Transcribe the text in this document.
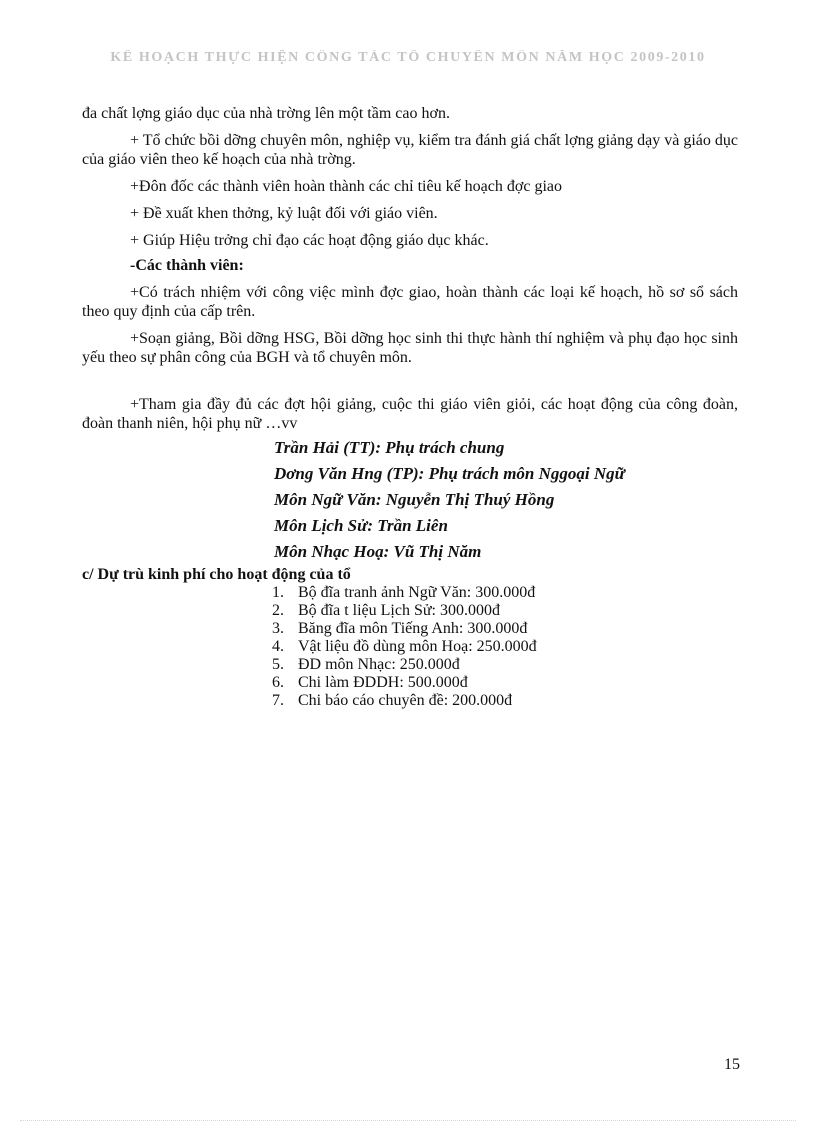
KẾ HOẠCH THỰC HIỆN CÔNG TÁC TỔ CHUYÊN MÔN NĂM HỌC 2009-2010

đa chất lợng giáo dục của nhà trờng lên một tầm cao hơn.

+ Tổ chức bồi dỡng chuyên môn, nghiệp vụ, kiểm tra đánh giá chất lợng giảng dạy và giáo dục của giáo viên theo kế hoạch của nhà trờng.

+Đôn đốc các thành viên hoàn thành các chỉ tiêu kế hoạch đợc giao

+ Đề xuất khen thởng, kỷ luật đối với giáo viên.

+ Giúp Hiệu trởng chỉ đạo các hoạt động giáo dục khác.

-Các thành viên:

+Có trách nhiệm với công việc mình đợc giao, hoàn thành các loại kế hoạch, hồ sơ sổ sách theo quy định của cấp trên.

+Soạn giảng, Bồi dỡng HSG, Bồi dỡng học sinh thi thực hành thí nghiệm và phụ đạo học sinh yếu theo sự phân công của BGH và tổ chuyên môn.

+Tham gia đầy đủ các đợt hội giảng, cuộc thi giáo viên giỏi, các hoạt động của công đoàn, đoàn thanh niên, hội phụ nữ …vv

Trần Hải (TT): Phụ trách chung
Dơng Văn Hng (TP): Phụ trách môn Nggoại Ngữ
Môn Ngữ Văn: Nguyễn Thị Thuý Hồng
Môn Lịch Sử: Trần Liên
Môn Nhạc Hoạ: Vũ Thị Năm
c/ Dự trù kinh phí cho hoạt động của tổ
1. Bộ đĩa tranh ảnh Ngữ Văn: 300.000đ
2. Bộ đĩa t liệu Lịch Sử: 300.000đ
3. Băng đĩa môn Tiếng Anh: 300.000đ
4. Vật liệu đồ dùng môn Hoạ: 250.000đ
5. ĐD môn Nhạc: 250.000đ
6. Chi làm ĐDDH: 500.000đ
7. Chi báo cáo chuyên đề: 200.000đ
15
